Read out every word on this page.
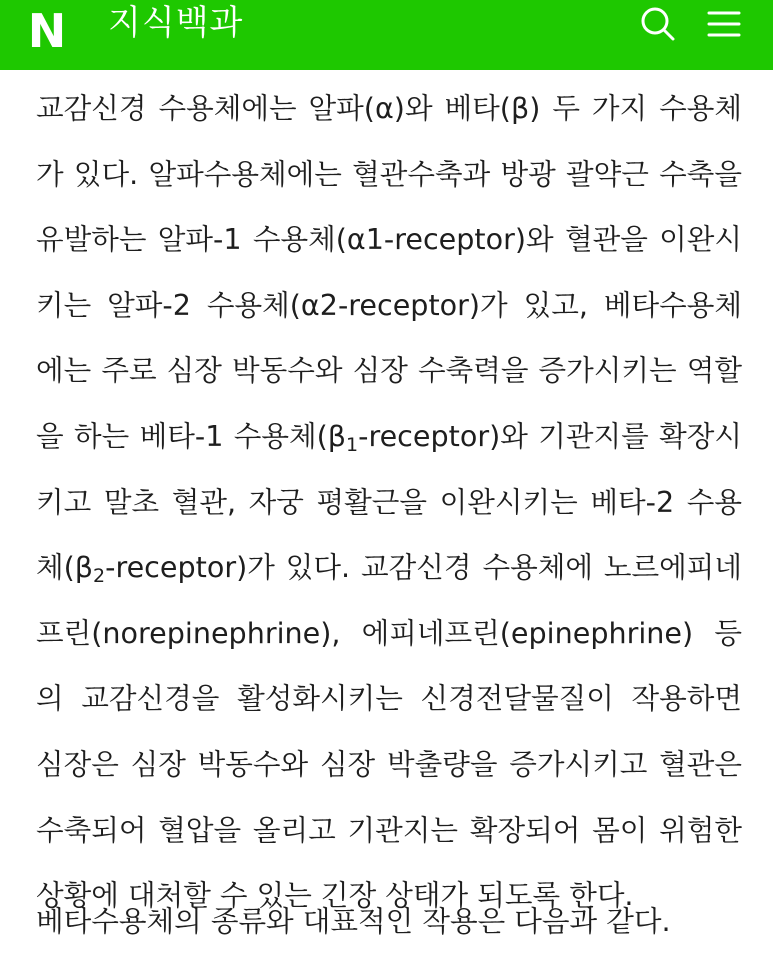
N 지식백과

교감신경 수용체에는 알파(α)와 베타(β) 두 가지 수용체가 있다. 알파수용체에는 혈관수축과 방광 괄약근 수축을 유발하는 알파-1 수용체(α1-receptor)와 혈관을 이완시키는 알파-2 수용체(α2-receptor)가 있고, 베타수용체에는 주로 심장 박동수와 심장 수축력을 증가시키는 역할을 하는 베타-1 수용체$(\beta_1-receptor)$와 기관지를 확장시키고 말초 혈관, 자궁 평활근을 이완시키는 베타-2 수용체$(\beta_2-receptor)$가 있다. 교감신경 수용체에 노르에피네프린(norepinephrine), 에피네프린(epinephrine) 등의 교감신경을 활성화시키는 신경전달물질이 작용하면 심장은 심장 박동수와 심장 박출량을 증가시키고 혈관은 수축되어 혈압을 올리고 기관지는 확장되어 몸이 위험한 상황에 대처할 수 있는 긴장 상태가 되도록 한다.

베타수용체의 종류와 대표적인 작용은 다음과 같다.
